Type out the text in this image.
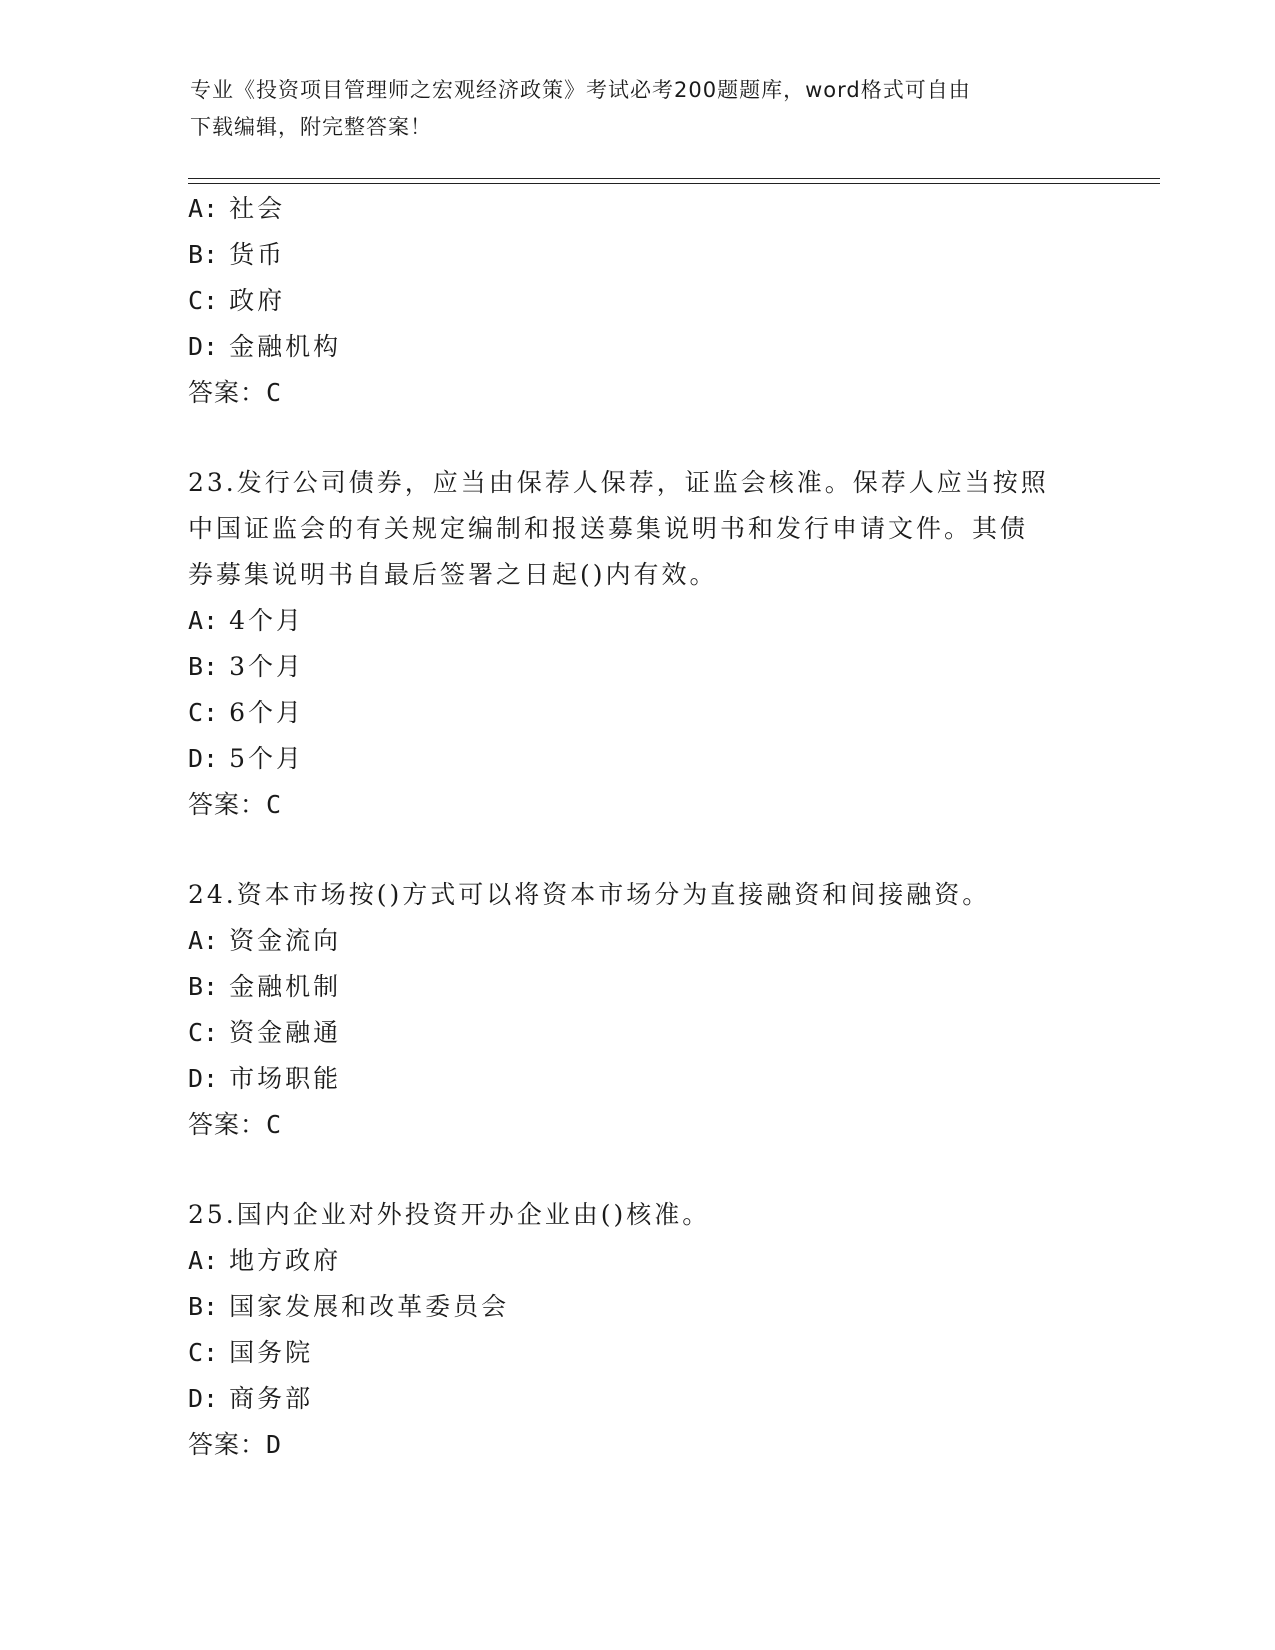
专业《投资项目管理师之宏观经济政策》考试必考200题题库，word格式可自由
下载编辑，附完整答案！
A: 社会
B: 货币
C: 政府
D: 金融机构
答案：C
23.发行公司债券，应当由保荐人保荐，证监会核准。保荐人应当按照
中国证监会的有关规定编制和报送募集说明书和发行申请文件。其债
券募集说明书自最后签署之日起()内有效。
A: 4个月
B: 3个月
C: 6个月
D: 5个月
答案：C
24.资本市场按()方式可以将资本市场分为直接融资和间接融资。
A: 资金流向
B: 金融机制
C: 资金融通
D: 市场职能
答案：C
25.国内企业对外投资开办企业由()核准。
A: 地方政府
B: 国家发展和改革委员会
C: 国务院
D: 商务部
答案：D
